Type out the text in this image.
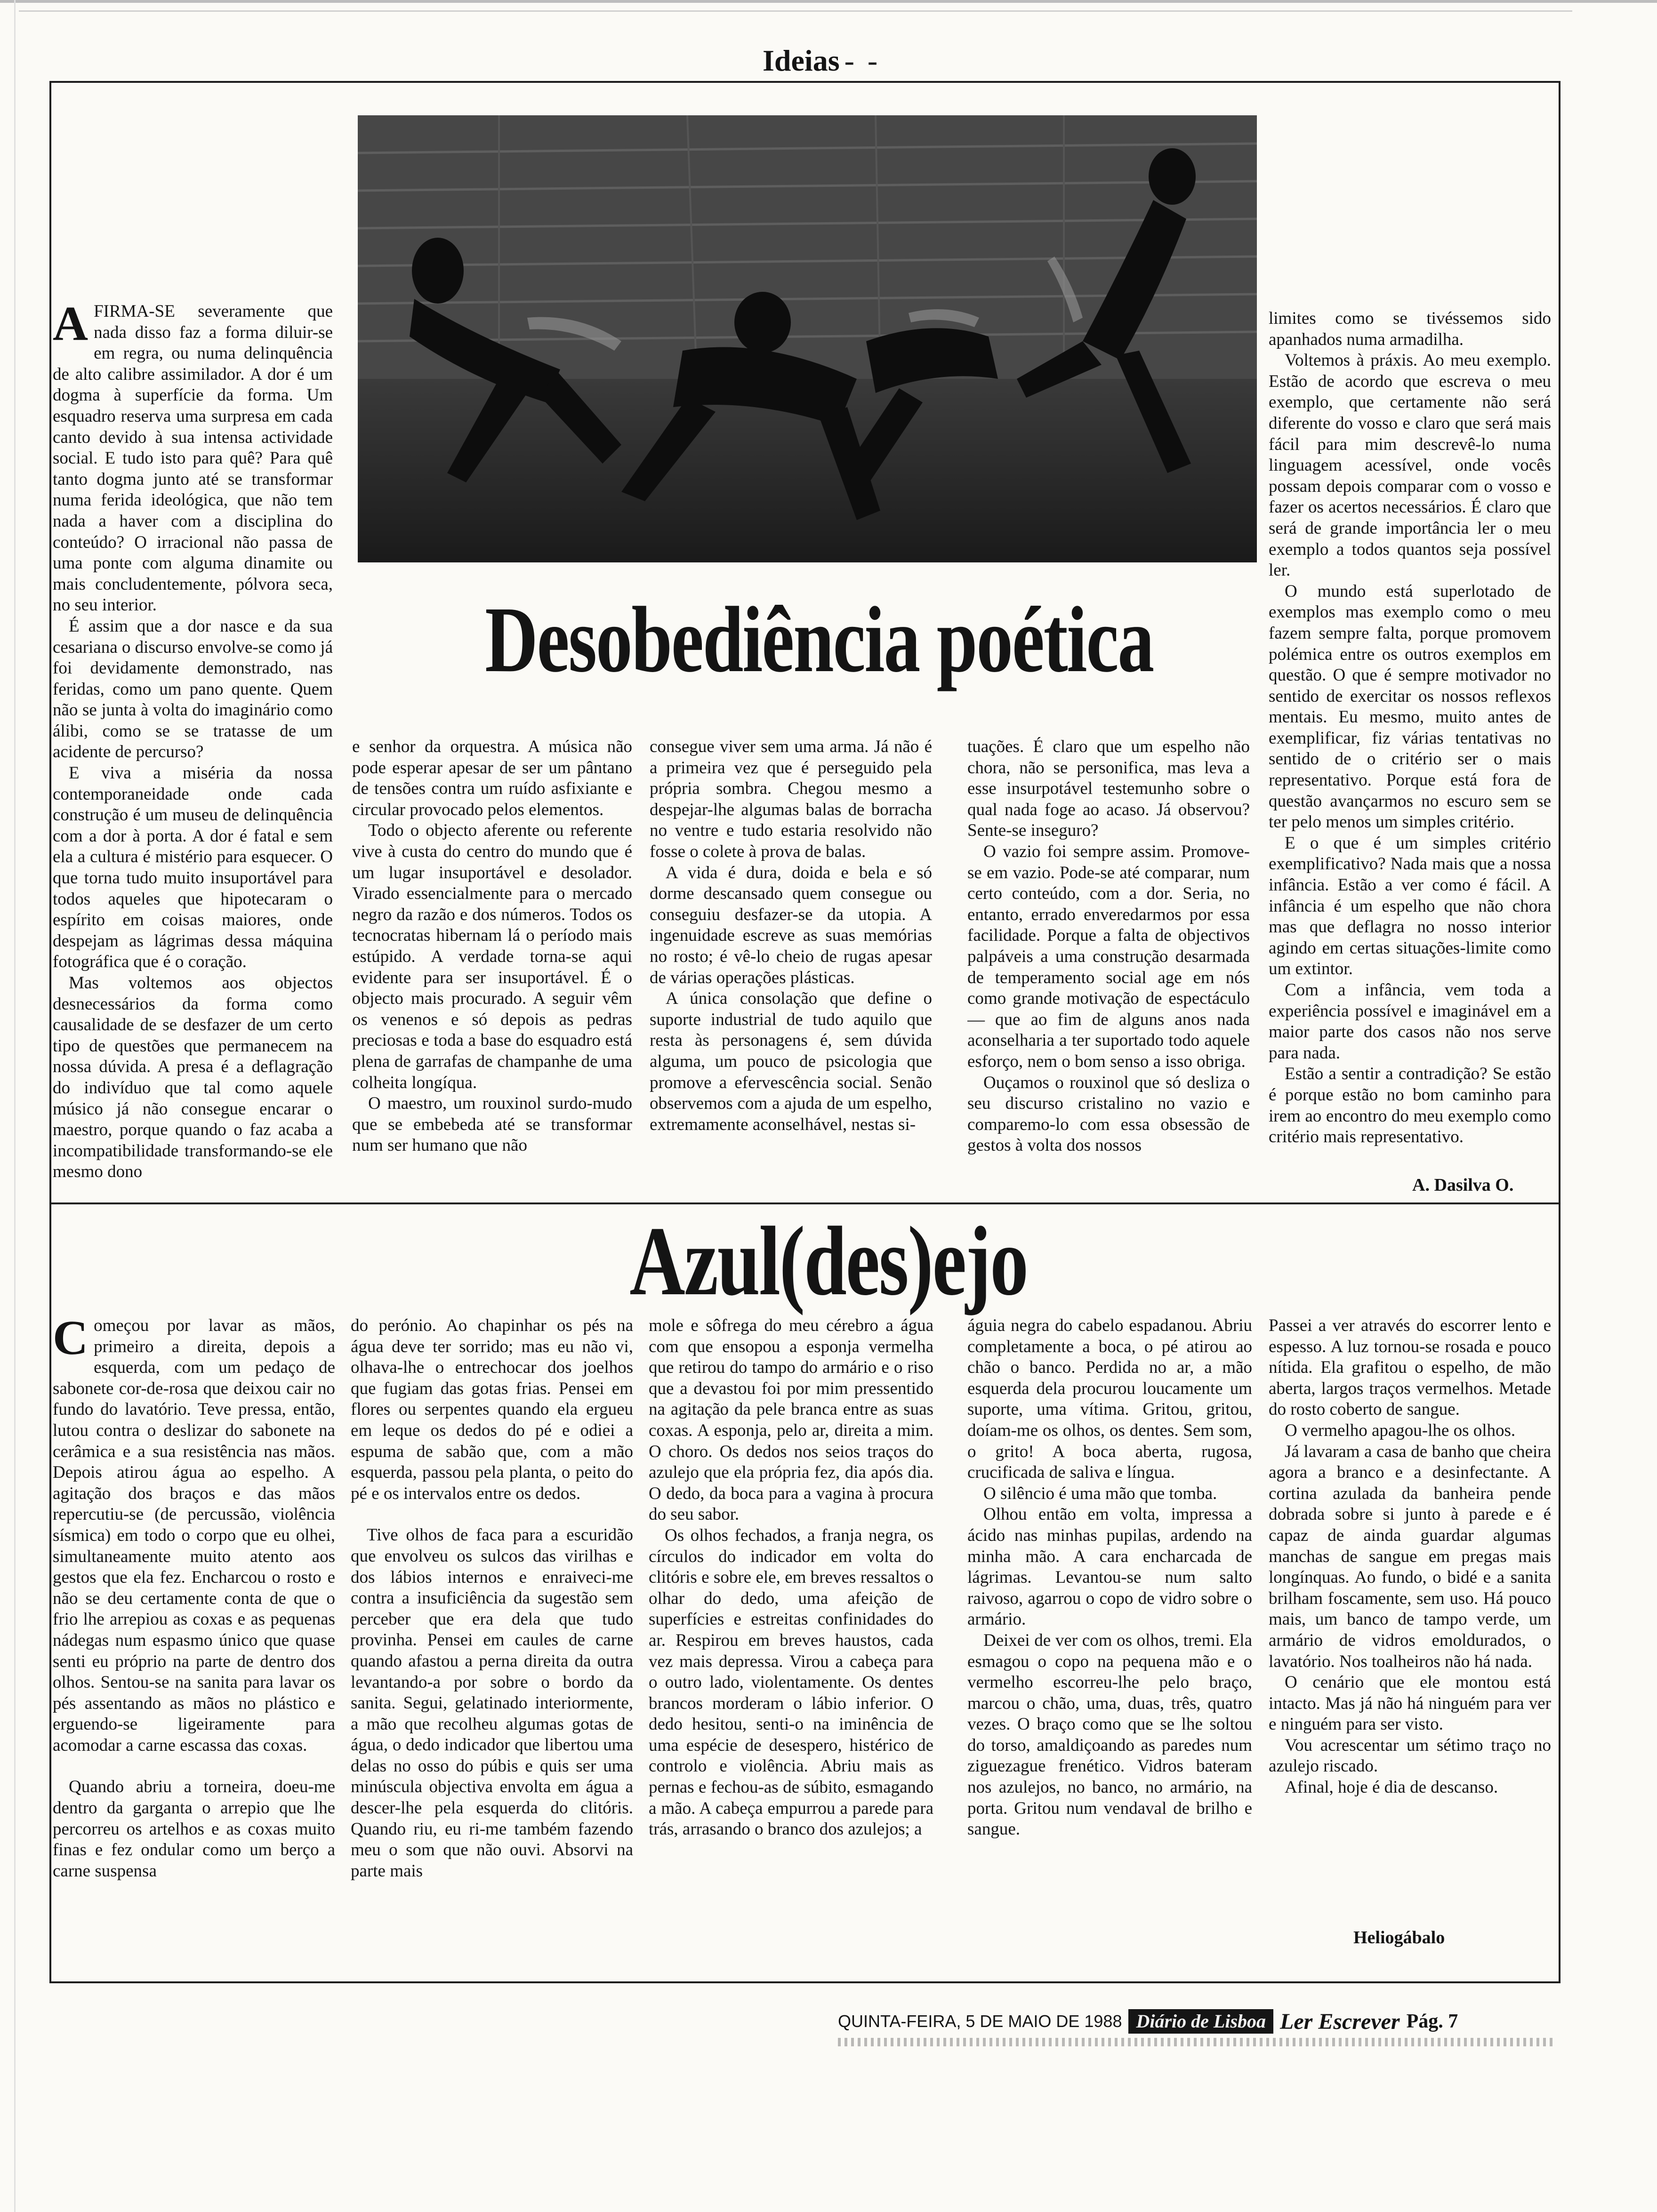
Ideias - -
Desobediência poética

A FIRMA-SE severamente que nada disso faz a forma diluir-se em regra, ou numa delinquência de alto calibre assimilador. A dor é um dogma à superfície da forma. Um esquadro reserva uma surpresa em cada canto devido à sua intensa actividade social. E tudo isto para quê? Para quê tanto dogma junto até se transformar numa ferida ideológica, que não tem nada a haver com a disciplina do conteúdo? O irracional não passa de uma ponte com alguma dinamite ou mais concludentemente, pólvora seca, no seu interior.

É assim que a dor nasce e da sua cesariana o discurso envolve-se como já foi devidamente demonstrado, nas feridas, como um pano quente. Quem não se junta à volta do imaginário como álibi, como se se tratasse de um acidente de percurso?

E viva a miséria da nossa contemporaneidade onde cada construção é um museu de delinquência com a dor à porta. A dor é fatal e sem ela a cultura é mistério para esquecer. O que torna tudo muito insuportável para todos aqueles que hipotecaram o espírito em coisas maiores, onde despejam as lágrimas dessa máquina fotográfica que é o coração.

Mas voltemos aos objectos desnecessários da forma como causalidade de se desfazer de um certo tipo de questões que permanecem na nossa dúvida. A presa é a deflagração do indivíduo que tal como aquele músico já não consegue encarar o maestro, porque quando o faz acaba a incompatibilidade transformando-se ele mesmo dono

e senhor da orquestra. A música não pode esperar apesar de ser um pântano de tensões contra um ruído asfixiante e circular provocado pelos elementos.

Todo o objecto aferente ou referente vive à custa do centro do mundo que é um lugar insuportável e desolador. Virado essencialmente para o mercado negro da razão e dos números. Todos os tecnocratas hibernam lá o período mais estúpido. A verdade torna-se aqui evidente para ser insuportável. É o objecto mais procurado. A seguir vêm os venenos e só depois as pedras preciosas e toda a base do esquadro está plena de garrafas de champanhe de uma colheita longíqua.

O maestro, um rouxinol surdo-mudo que se embebeda até se transformar num ser humano que não

consegue viver sem uma arma. Já não é a primeira vez que é perseguido pela própria sombra. Chegou mesmo a despejar-lhe algumas balas de borracha no ventre e tudo estaria resolvido não fosse o colete à prova de balas.

A vida é dura, doida e bela e só dorme descansado quem consegue ou conseguiu desfazer-se da utopia. A ingenuidade escreve as suas memórias no rosto; é vê-lo cheio de rugas apesar de várias operações plásticas.

A única consolação que define o suporte industrial de tudo aquilo que resta às personagens é, sem dúvida alguma, um pouco de psicologia que promove a efervescência social. Senão observemos com a ajuda de um espelho, extremamente aconselhável, nestas si-

tuações. É claro que um espelho não chora, não se personifica, mas leva a esse insurpotável testemunho sobre o qual nada foge ao acaso. Já observou? Sente-se inseguro?

O vazio foi sempre assim. Promove-se em vazio. Pode-se até comparar, num certo conteúdo, com a dor. Seria, no entanto, errado enveredarmos por essa facilidade. Porque a falta de objectivos palpáveis a uma construção desarmada de temperamento social age em nós como grande motivação de espectáculo — que ao fim de alguns anos nada aconselharia a ter suportado todo aquele esforço, nem o bom senso a isso obriga.

Ouçamos o rouxinol que só desliza o seu discurso cristalino no vazio e comparemo-lo com essa obsessão de gestos à volta dos nossos

limites como se tivéssemos sido apanhados numa armadilha.

Voltemos à práxis. Ao meu exemplo. Estão de acordo que escreva o meu exemplo, que certamente não será diferente do vosso e claro que será mais fácil para mim descrevê-lo numa linguagem acessível, onde vocês possam depois comparar com o vosso e fazer os acertos necessários. É claro que será de grande importância ler o meu exemplo a todos quantos seja possível ler.

O mundo está superlotado de exemplos mas exemplo como o meu fazem sempre falta, porque promovem polémica entre os outros exemplos em questão. O que é sempre motivador no sentido de exercitar os nossos reflexos mentais. Eu mesmo, muito antes de exemplificar, fiz várias tentativas no sentido de o critério ser o mais representativo. Porque está fora de questão avançarmos no escuro sem se ter pelo menos um simples critério.

E o que é um simples critério exemplificativo? Nada mais que a nossa infância. Estão a ver como é fácil. A infância é um espelho que não chora mas que deflagra no nosso interior agindo em certas situações-limite como um extintor.

Com a infância, vem toda a experiência possível e imaginável em a maior parte dos casos não nos serve para nada.

Estão a sentir a contradição? Se estão é porque estão no bom caminho para irem ao encontro do meu exemplo como critério mais representativo.

A. Dasilva O.
Azul(des)ejo

Começou por lavar as mãos, primeiro a direita, depois a esquerda, com um pedaço de sabonete cor-de-rosa que deixou cair no fundo do lavatório. Teve pressa, então, lutou contra o deslizar do sabonete na cerâmica e a sua resistência nas mãos. Depois atirou água ao espelho. A agitação dos braços e das mãos repercutiu-se (de percussão, violência sísmica) em todo o corpo que eu olhei, simultaneamente muito atento aos gestos que ela fez. Encharcou o rosto e não se deu certamente conta de que o frio lhe arrepiou as coxas e as pequenas nádegas num espasmo único que quase senti eu próprio na parte de dentro dos olhos. Sentou-se na sanita para lavar os pés assentando as mãos no plástico e erguendo-se ligeiramente para acomodar a carne escassa das coxas.

Quando abriu a torneira, doeu-me dentro da garganta o arrepio que lhe percorreu os artelhos e as coxas muito finas e fez ondular como um berço a carne suspensa

do perónio. Ao chapinhar os pés na água deve ter sorrido; mas eu não vi, olhava-lhe o entrechocar dos joelhos que fugiam das gotas frias. Pensei em flores ou serpentes quando ela ergueu em leque os dedos do pé e odiei a espuma de sabão que, com a mão esquerda, passou pela planta, o peito do pé e os intervalos entre os dedos.

Tive olhos de faca para a escuridão que envolveu os sulcos das virilhas e dos lábios internos e enraiveci-me contra a insuficiência da sugestão sem perceber que era dela que tudo provinha. Pensei em caules de carne quando afastou a perna direita da outra levantando-a por sobre o bordo da sanita. Segui, gelatinado interiormente, a mão que recolheu algumas gotas de água, o dedo indicador que libertou uma delas no osso do púbis e quis ser uma minúscula objectiva envolta em água a descer-lhe pela esquerda do clitóris. Quando riu, eu ri-me também fazendo meu o som que não ouvi. Absorvi na parte mais

mole e sôfrega do meu cérebro a água com que ensopou a esponja vermelha que retirou do tampo do armário e o riso que a devastou foi por mim pressentido na agitação da pele branca entre as suas coxas. A esponja, pelo ar, direita a mim. O choro. Os dedos nos seios traços do azulejo que ela própria fez, dia após dia. O dedo, da boca para a vagina à procura do seu sabor.

Os olhos fechados, a franja negra, os círculos do indicador em volta do clitóris e sobre ele, em breves ressaltos o olhar do dedo, uma afeição de superfícies e estreitas confinidades do ar. Respirou em breves haustos, cada vez mais depressa. Virou a cabeça para o outro lado, violentamente. Os dentes brancos morderam o lábio inferior. O dedo hesitou, senti-o na iminência de uma espécie de desespero, histérico de controlo e violência. Abriu mais as pernas e fechou-as de súbito, esmagando a mão. A cabeça empurrou a parede para trás, arrasando o branco dos azulejos; a

águia negra do cabelo espadanou. Abriu completamente a boca, o pé atirou ao chão o banco. Perdida no ar, a mão esquerda dela procurou loucamente um suporte, uma vítima. Gritou, gritou, doíam-me os olhos, os dentes. Sem som, o grito! A boca aberta, rugosa, crucificada de saliva e língua.

O silêncio é uma mão que tomba.

Olhou então em volta, impressa a ácido nas minhas pupilas, ardendo na minha mão. A cara encharcada de lágrimas. Levantou-se num salto raivoso, agarrou o copo de vidro sobre o armário.

Deixei de ver com os olhos, tremi. Ela esmagou o copo na pequena mão e o vermelho escorreu-lhe pelo braço, marcou o chão, uma, duas, três, quatro vezes. O braço como que se lhe soltou do torso, amaldiçoando as paredes num ziguezague frenético. Vidros bateram nos azulejos, no banco, no armário, na porta. Gritou num vendaval de brilho e sangue.

Passei a ver através do escorrer lento e espesso. A luz tornou-se rosada e pouco nítida. Ela grafitou o espelho, de mão aberta, largos traços vermelhos. Metade do rosto coberto de sangue.

O vermelho apagou-lhe os olhos.

Já lavaram a casa de banho que cheira agora a branco e a desinfectante. A cortina azulada da banheira pende dobrada sobre si junto à parede e é capaz de ainda guardar algumas manchas de sangue em pregas mais longínquas. Ao fundo, o bidé e a sanita brilham foscamente, sem uso. Há pouco mais, um banco de tampo verde, um armário de vidros emoldurados, o lavatório. Nos toalheiros não há nada.

O cenário que ele montou está intacto. Mas já não há ninguém para ver e ninguém para ser visto.

Vou acrescentar um sétimo traço no azulejo riscado.

Afinal, hoje é dia de descanso.

Heliogábalo
QUINTA-FEIRA, 5 DE MAIO DE 1988 Diário de Lisboa Ler Escrever Pág. 7
